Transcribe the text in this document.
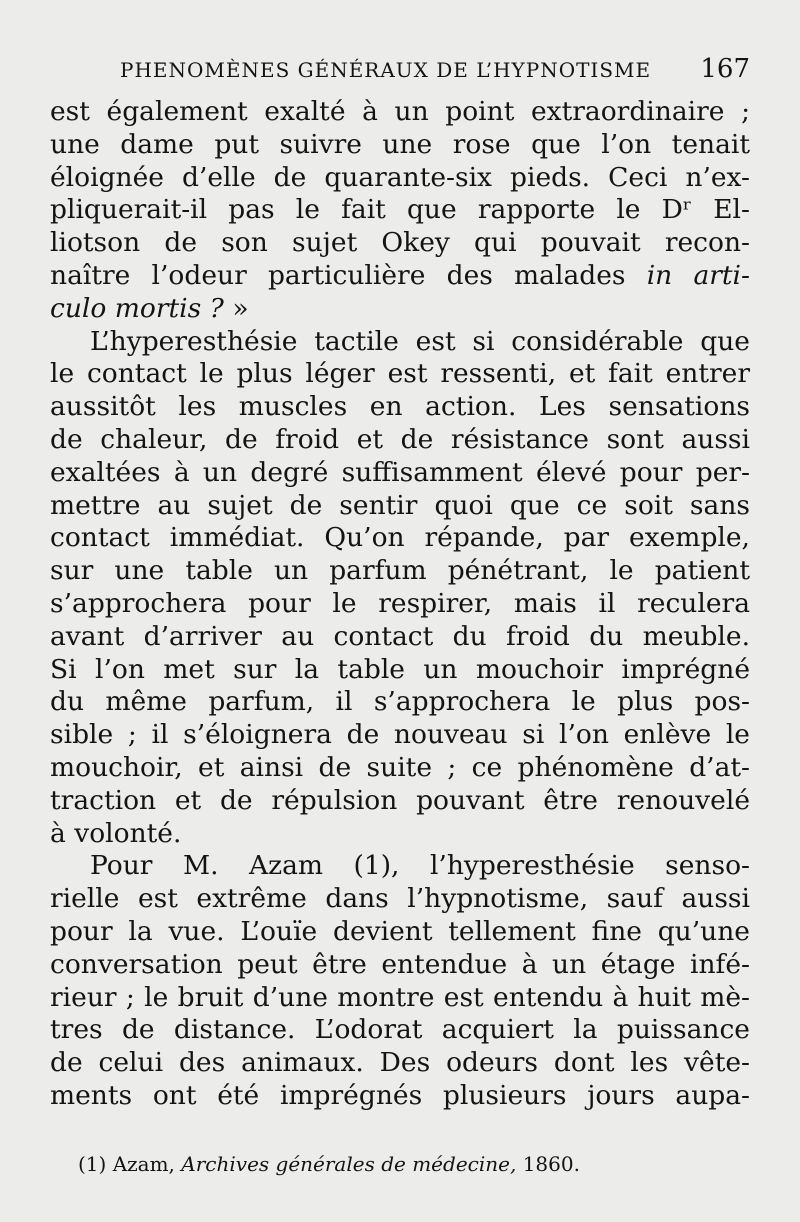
PHENOMÈNES GÉNÉRAUX DE L’HYPNOTISME 167
est également exalté à un point extraordinaire ;
une dame put suivre une rose que l’on tenait
éloignée d’elle de quarante-six pieds. Ceci n’ex-
pliquerait-il pas le fait que rapporte le Dʳ El-
liotson de son sujet Okey qui pouvait recon-
naître l’odeur particulière des malades in arti-
culo mortis ? »
L’hyperesthésie tactile est si considérable que
le contact le plus léger est ressenti, et fait entrer
aussitôt les muscles en action. Les sensations
de chaleur, de froid et de résistance sont aussi
exaltées à un degré suffisamment élevé pour per-
mettre au sujet de sentir quoi que ce soit sans
contact immédiat. Qu’on répande, par exemple,
sur une table un parfum pénétrant, le patient
s’approchera pour le respirer, mais il reculera
avant d’arriver au contact du froid du meuble.
Si l’on met sur la table un mouchoir imprégné
du même parfum, il s’approchera le plus pos-
sible ; il s’éloignera de nouveau si l’on enlève le
mouchoir, et ainsi de suite ; ce phénomène d’at-
traction et de répulsion pouvant être renouvelé
à volonté.
Pour M. Azam (1), l’hyperesthésie senso-
rielle est extrême dans l’hypnotisme, sauf aussi
pour la vue. L’ouïe devient tellement fine qu’une
conversation peut être entendue à un étage infé-
rieur ; le bruit d’une montre est entendu à huit mè-
tres de distance. L’odorat acquiert la puissance
de celui des animaux. Des odeurs dont les vête-
ments ont été imprégnés plusieurs jours aupa-
(1) Azam, Archives générales de médecine, 1860.
